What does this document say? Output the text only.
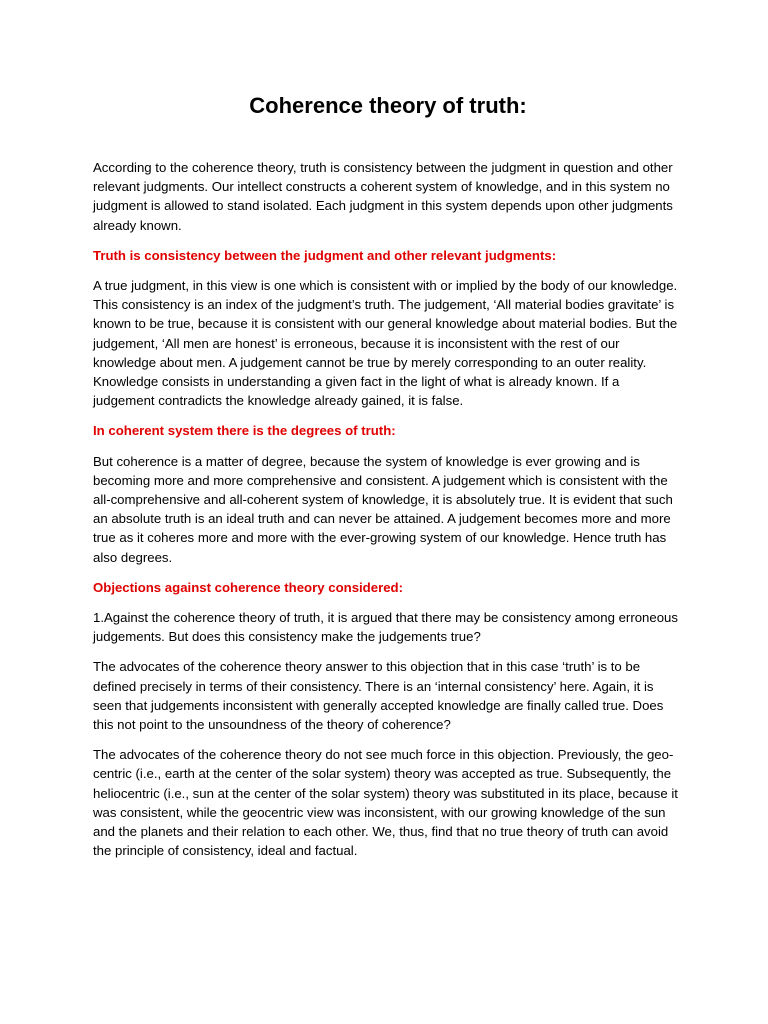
Coherence theory of truth:

According to the coherence theory, truth is consistency between the judgment in question and other relevant judgments. Our intellect constructs a coherent system of knowledge, and in this system no judgment is allowed to stand isolated. Each judgment in this system depends upon other judgments already known.

Truth is consistency between the judgment and other relevant judgments:

A true judgment, in this view is one which is consistent with or implied by the body of our knowledge. This consistency is an index of the judgment’s truth. The judgement, ‘All material bodies gravitate’ is known to be true, because it is consistent with our general knowledge about material bodies. But the judgement, ‘All men are honest’ is erroneous, because it is inconsistent with the rest of our knowledge about men. A judgement cannot be true by merely corresponding to an outer reality. Knowledge consists in understanding a given fact in the light of what is already known. If a judgement contradicts the knowledge already gained, it is false.

In coherent system there is the degrees of truth:

But coherence is a matter of degree, because the system of knowledge is ever growing and is becoming more and more comprehensive and consistent. A judgement which is consistent with the all-comprehensive and all-coherent system of knowledge, it is absolutely true. It is evident that such an absolute truth is an ideal truth and can never be attained. A judgement becomes more and more true as it coheres more and more with the ever-growing system of our knowledge. Hence truth has also degrees.

Objections against coherence theory considered:

1.Against the coherence theory of truth, it is argued that there may be consistency among erroneous judgements. But does this consistency make the judgements true?

The advocates of the coherence theory answer to this objection that in this case ‘truth’ is to be defined precisely in terms of their consistency. There is an ‘internal consistency’ here. Again, it is seen that judgements inconsistent with generally accepted knowledge are finally called true. Does this not point to the unsoundness of the theory of coherence?

The advocates of the coherence theory do not see much force in this objection. Previously, the geo-centric (i.e., earth at the center of the solar system) theory was accepted as true. Subsequently, the heliocentric (i.e., sun at the center of the solar system) theory was substituted in its place, because it was consistent, while the geocentric view was inconsistent, with our growing knowledge of the sun and the planets and their relation to each other. We, thus, find that no true theory of truth can avoid the principle of consistency, ideal and factual.
